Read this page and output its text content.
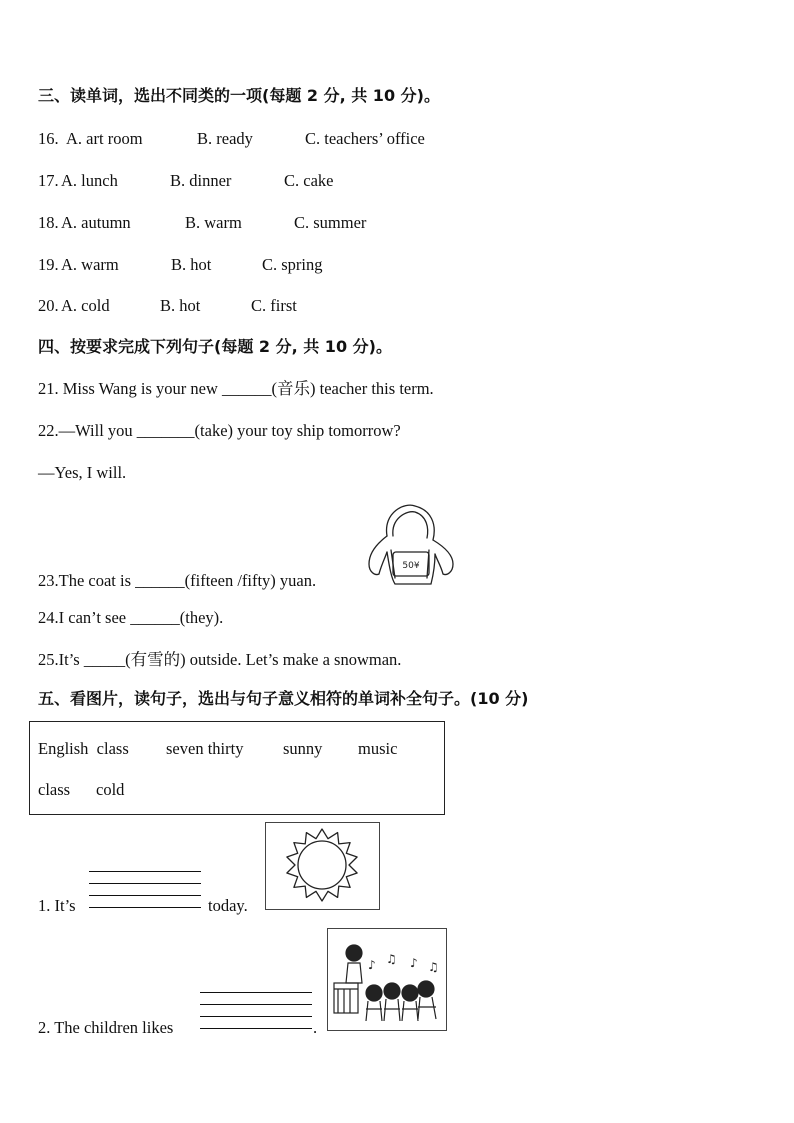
三、读单词，选出不同类的一项(每题 2 分, 共 10 分)。
16. A. art room	B. ready	C. teachers’ office
17. A. lunch	B. dinner	C. cake
18. A. autumn	B. warm	C. summer
19. A. warm	B. hot	C. spring
20. A. cold	B. hot	C. first
四、按要求完成下列句子(每题 2 分, 共 10 分)。
21. Miss Wang is your new ______(音乐) teacher this term.
22.—Will you _______(take) your toy ship tomorrow?
—Yes, I will.
50¥
23.The coat is ______(fifteen /fifty) yuan.
24.I can’t see ______(they).
25.It’s _____(有雪的) outside. Let’s make a snowman.
五、看图片，读句子，选出与句子意义相符的单词补全句子。(10 分)
English  class seven thirty sunny music
class cold
1. It’s	today.
2. The children likes	.
♪ ♫ ♪ ♫
